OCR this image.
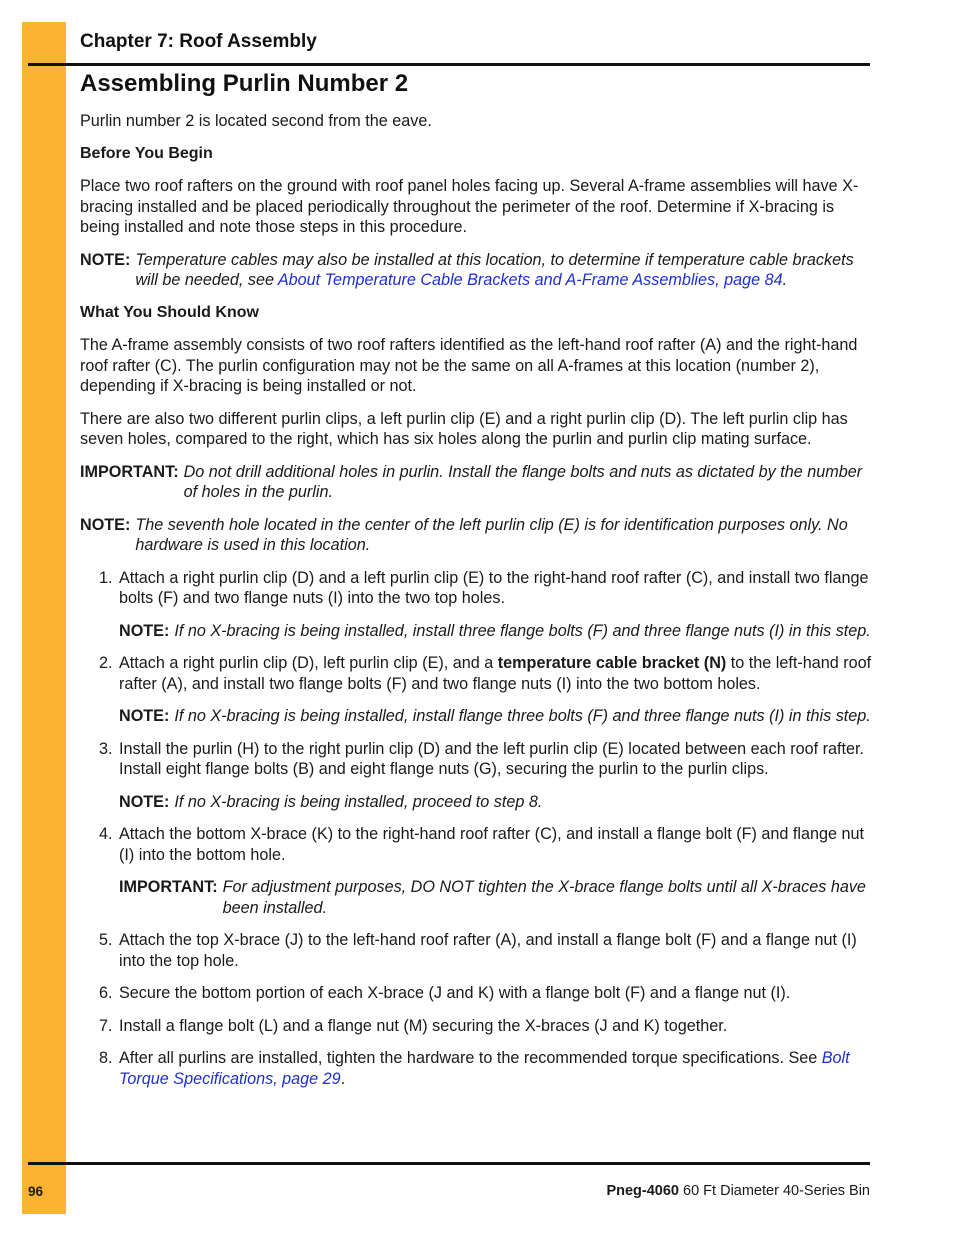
Chapter 7: Roof Assembly
Assembling Purlin Number 2

Purlin number 2 is located second from the eave.

Before You Begin

Place two roof rafters on the ground with roof panel holes facing up. Several A-frame assemblies will have X-bracing installed and be placed periodically throughout the perimeter of the roof. Determine if X-bracing is being installed and note those steps in this procedure.

NOTE: Temperature cables may also be installed at this location, to determine if temperature cable brackets will be needed, see About Temperature Cable Brackets and A-Frame Assemblies, page 84.
What You Should Know

The A-frame assembly consists of two roof rafters identified as the left-hand roof rafter (A) and the right-hand roof rafter (C). The purlin configuration may not be the same on all A-frames at this location (number 2), depending if X-bracing is being installed or not.

There are also two different purlin clips, a left purlin clip (E) and a right purlin clip (D). The left purlin clip has seven holes, compared to the right, which has six holes along the purlin and purlin clip mating surface.

IMPORTANT: Do not drill additional holes in purlin. Install the flange bolts and nuts as dictated by the number of holes in the purlin.
NOTE: The seventh hole located in the center of the left purlin clip (E) is for identification purposes only. No hardware is used in this location.
1. Attach a right purlin clip (D) and a left purlin clip (E) to the right-hand roof rafter (C), and install two flange bolts (F) and two flange nuts (I) into the two top holes.
NOTE: If no X-bracing is being installed, install three flange bolts (F) and three flange nuts (I) in this step.
2. Attach a right purlin clip (D), left purlin clip (E), and a temperature cable bracket (N) to the left-hand roof rafter (A), and install two flange bolts (F) and two flange nuts (I) into the two bottom holes.
NOTE: If no X-bracing is being installed, install flange three bolts (F) and three flange nuts (I) in this step.
3. Install the purlin (H) to the right purlin clip (D) and the left purlin clip (E) located between each roof rafter. Install eight flange bolts (B) and eight flange nuts (G), securing the purlin to the purlin clips.
NOTE: If no X-bracing is being installed, proceed to step 8.
4. Attach the bottom X-brace (K) to the right-hand roof rafter (C), and install a flange bolt (F) and flange nut (I) into the bottom hole.
IMPORTANT: For adjustment purposes, DO NOT tighten the X-brace flange bolts until all X-braces have been installed.
5. Attach the top X-brace (J) to the left-hand roof rafter (A), and install a flange bolt (F) and a flange nut (I) into the top hole.
6. Secure the bottom portion of each X-brace (J and K) with a flange bolt (F) and a flange nut (I).
7. Install a flange bolt (L) and a flange nut (M) securing the X-braces (J and K) together.
8. After all purlins are installed, tighten the hardware to the recommended torque specifications. See Bolt Torque Specifications, page 29.
96	Pneg-4060 60 Ft Diameter 40-Series Bin
